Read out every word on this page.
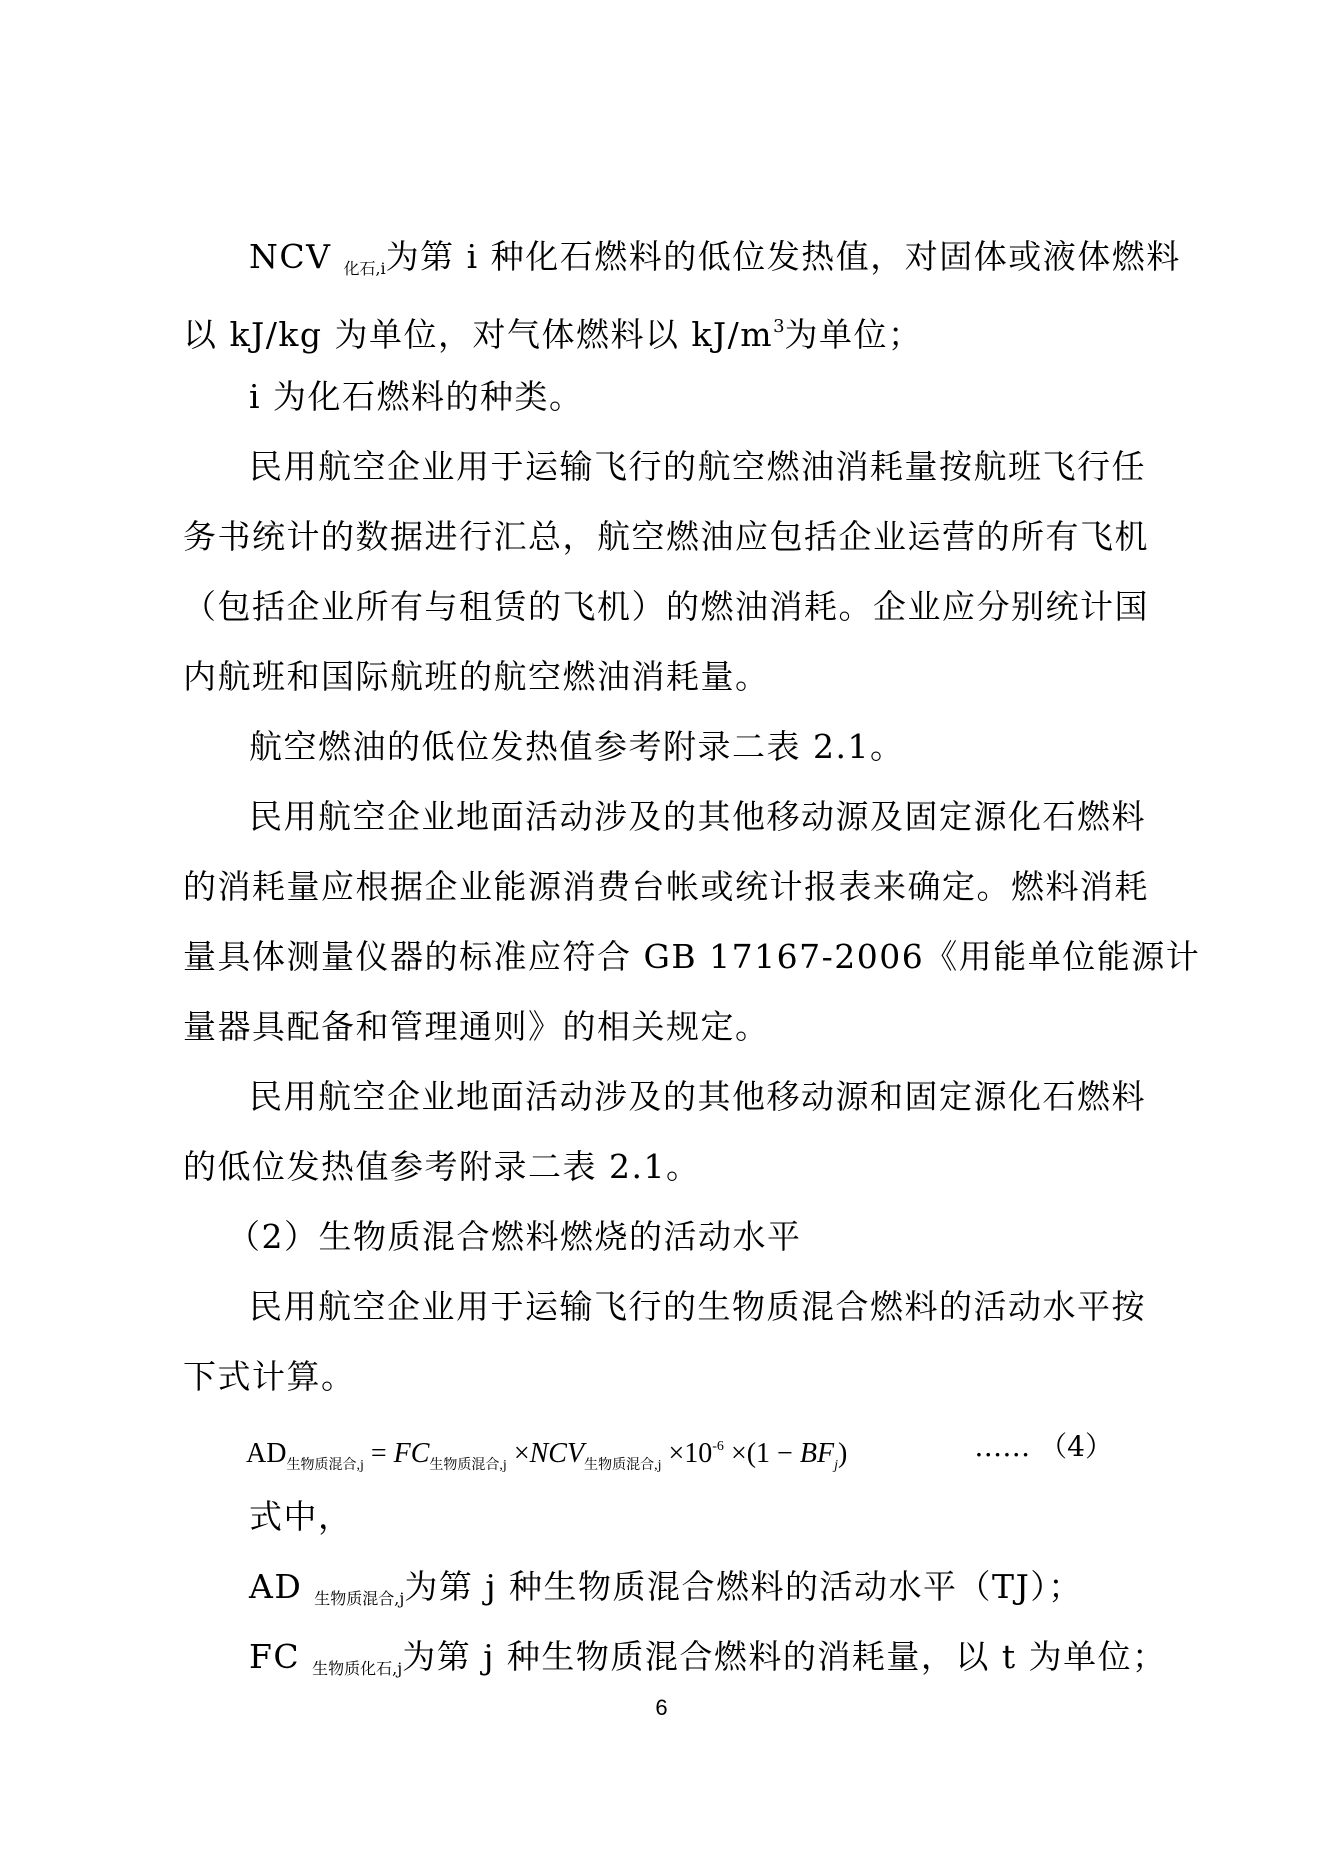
NCV $_{化石,i}$为第 i 种化石燃料的低位发热值，对固体或液体燃料
以 kJ/kg 为单位，对气体燃料以 $kJ/m^3$为单位；
i 为化石燃料的种类。
民用航空企业用于运输飞行的航空燃油消耗量按航班飞行任
务书统计的数据进行汇总，航空燃油应包括企业运营的所有飞机
（包括企业所有与租赁的飞机）的燃油消耗。企业应分别统计国
内航班和国际航班的航空燃油消耗量。
航空燃油的低位发热值参考附录二表 2.1。
民用航空企业地面活动涉及的其他移动源及固定源化石燃料
的消耗量应根据企业能源消费台帐或统计报表来确定。燃料消耗
量具体测量仪器的标准应符合 GB 17167-2006《用能单位能源计
量器具配备和管理通则》的相关规定。
民用航空企业地面活动涉及的其他移动源和固定源化石燃料
的低位发热值参考附录二表 2.1。
（2）生物质混合燃料燃烧的活动水平
民用航空企业用于运输飞行的生物质混合燃料的活动水平按
下式计算。
$AD_{生物质混合,j} = FC_{生物质混合,j} \times NCV_{生物质混合,j} \times 10^{-6} \times(1 - BF_j)$	…… （4）
式中，
AD $_{生物质混合,j}$为第 j 种生物质混合燃料的活动水平（TJ）；
FC $_{生物质化石,j}$为第 j 种生物质混合燃料的消耗量，以 t 为单位；
6
